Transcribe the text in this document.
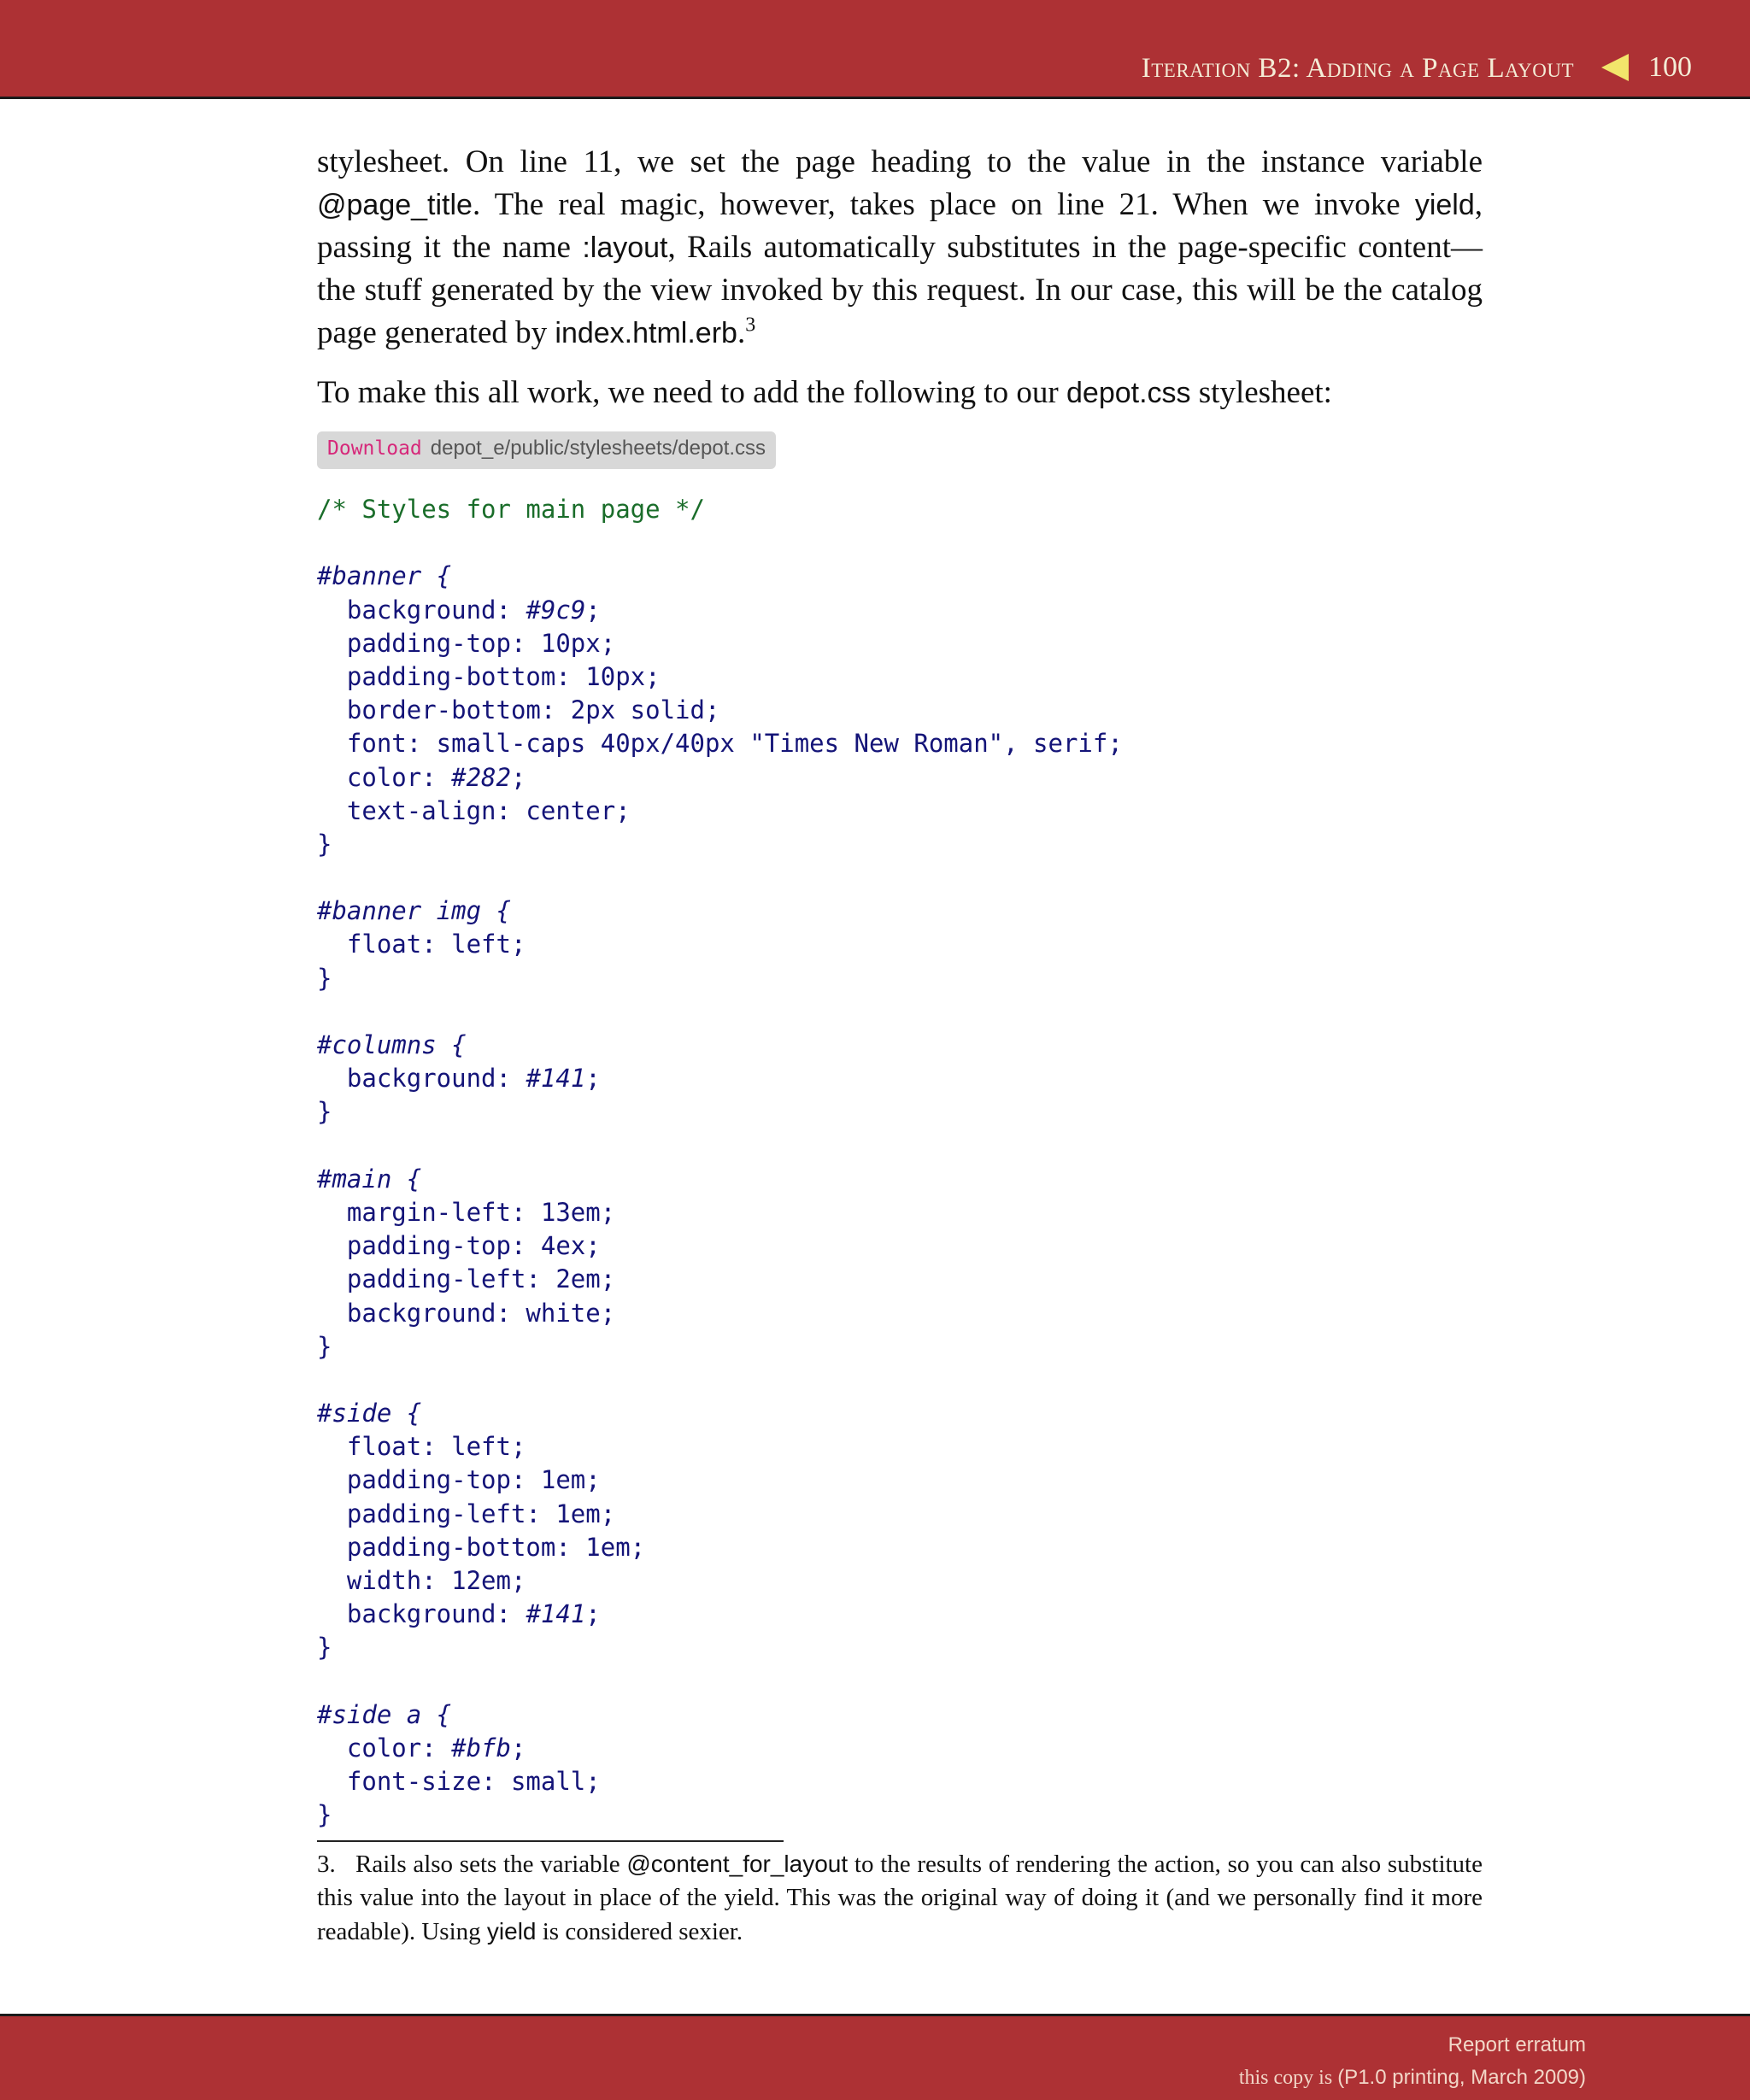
Iteration B2: Adding a Page Layout	100

stylesheet. On line 11, we set the page heading to the value in the instance variable @page_title. The real magic, however, takes place on line 21. When we invoke yield, passing it the name :layout, Rails automatically substitutes in the page-specific content—the stuff generated by the view invoked by this request. In our case, this will be the catalog page generated by index.html.erb.$^3$

To make this all work, we need to add the following to our depot.css stylesheet:

Download depot_e/public/stylesheets/depot.css
/* Styles for main page */
#banner {
background: #9c9;
padding-top: 10px;
padding-bottom: 10px;
border-bottom: 2px solid;
font: small-caps 40px/40px "Times New Roman", serif;
color: #282;
text-align: center;
}
#banner img {
float: left;
}
#columns {
background: #141;
}
#main {
margin-left: 13em;
padding-top: 4ex;
padding-left: 2em;
background: white;
}
#side {
float: left;
padding-top: 1em;
padding-left: 1em;
padding-bottom: 1em;
width: 12em;
background: #141;
}
#side a {
color: #bfb;
font-size: small;
}
3. Rails also sets the variable @content_for_layout to the results of rendering the action, so you can also substitute this value into the layout in place of the yield. This was the original way of doing it (and we personally find it more readable). Using yield is considered sexier.
Report erratum
this copy is (P1.0 printing, March 2009)
